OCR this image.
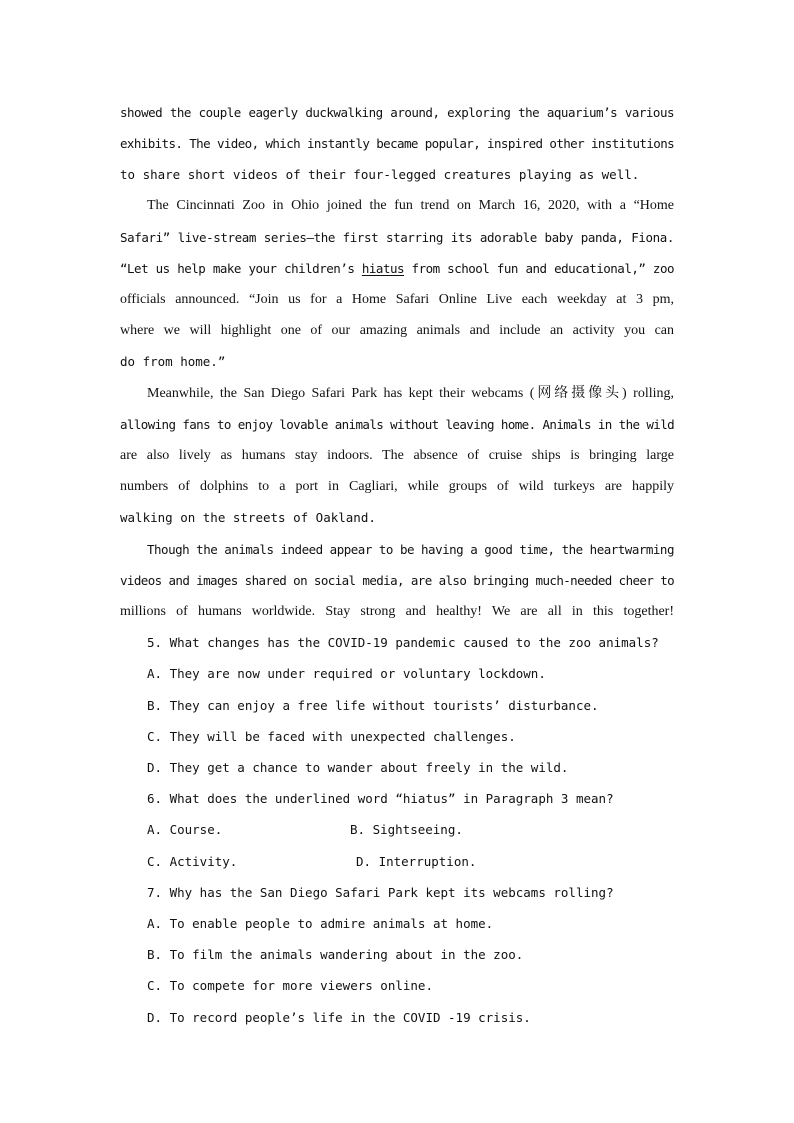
showed the couple eagerly duckwalking around, exploring the aquarium’s various
exhibits. The video, which instantly became popular, inspired other institutions
to share short videos of their four-legged creatures playing as well.
The Cincinnati Zoo in Ohio joined the fun trend on March 16, 2020, with a “Home
Safari” live-stream series—the first starring its adorable baby panda, Fiona.
“Let us help make your children’s hiatus from school fun and educational,” zoo
officials announced. “Join us for a Home Safari Online Live each weekday at 3 pm,
where we will highlight one of our amazing animals and include an activity you can
do from home.”
Meanwhile, the San Diego Safari Park has kept their webcams (网络摄像头) rolling,
allowing fans to enjoy lovable animals without leaving home. Animals in the wild
are also lively as humans stay indoors. The absence of cruise ships is bringing large
numbers of dolphins to a port in Cagliari, while groups of wild turkeys are happily
walking on the streets of Oakland.
Though the animals indeed appear to be having a good time, the heartwarming
videos and images shared on social media, are also bringing much-needed cheer to
millions of humans worldwide. Stay strong and healthy! We are all in this together!
5. What changes has the COVID-19 pandemic caused to the zoo animals?
A. They are now under required or voluntary lockdown.
B. They can enjoy a free life without tourists’ disturbance.
C. They will be faced with unexpected challenges.
D. They get a chance to wander about freely in the wild.
6. What does the underlined word “hiatus” in Paragraph 3 mean?
A. Course.	B. Sightseeing.
C. Activity.	D. Interruption.
7. Why has the San Diego Safari Park kept its webcams rolling?
A. To enable people to admire animals at home.
B. To film the animals wandering about in the zoo.
C. To compete for more viewers online.
D. To record people’s life in the COVID -19 crisis.
